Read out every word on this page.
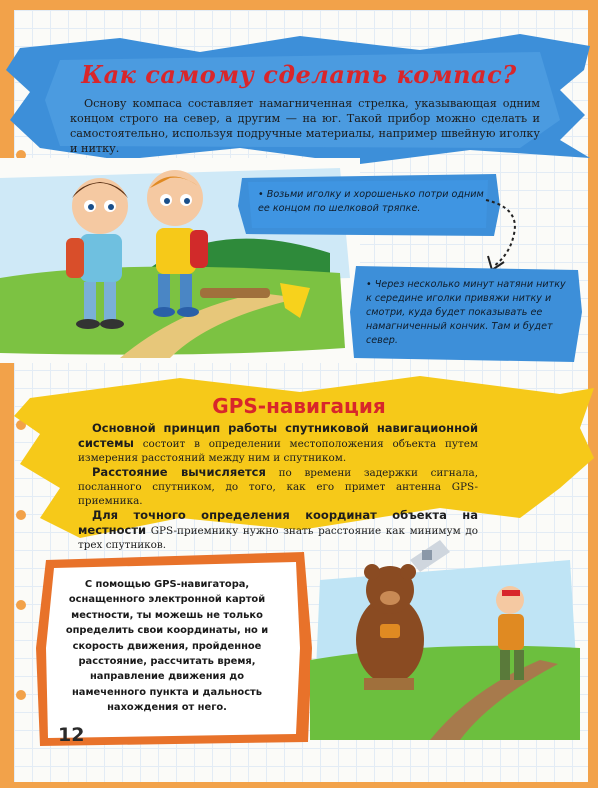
Как самому сделать компас?
Основу компаса составляет намагниченная стрелка, указывающая одним концом строго на север, а другим — на юг. Такой прибор можно сделать и самостоятельно, используя подручные материалы, например швейную иголку и нитку.
• Возьми иголку и хорошенько потри одним ее концом по шелковой тряпке.
• Через несколько минут натяни нитку к середине иголки привяжи нитку и смотри, куда будет показывать ее намагниченный кончик. Там и будет север.
GPS-навигация

Основной принцип работы спутниковой навигационной системы состоит в определении местоположения объекта путем измерения расстояний между ним и спутником.

Расстояние вычисляется по времени задержки сигнала, посланного спутником, до того, как его примет антенна GPS-приемника.

Для точного определения координат объекта на местности GPS-приемнику нужно знать расстояние как минимум до трех спутников.

С помощью GPS-навигатора, оснащенного электронной картой местности, ты можешь не только определить свои координаты, но и скорость движения, пройденное расстояние, рассчитать время, направление движения до намеченного пункта и дальность нахождения от него.
12
